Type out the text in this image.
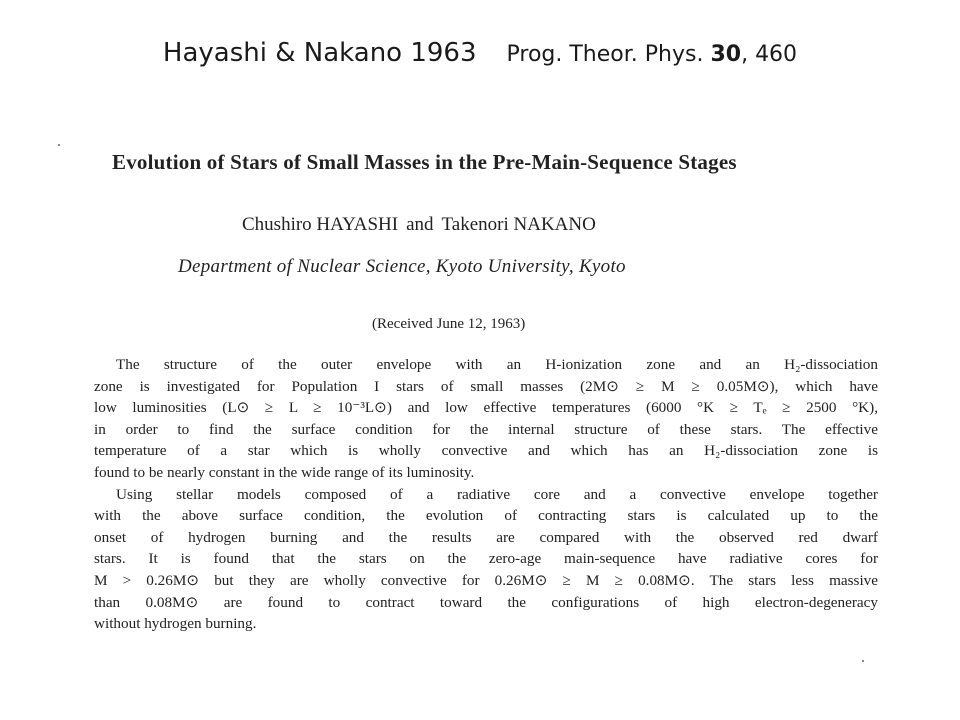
Hayashi & Nakano 1963 Prog. Theor. Phys. 30, 460
Evolution of Stars of Small Masses in the Pre-Main-Sequence Stages
Chushiro HAYASHI and Takenori NAKANO
Department of Nuclear Science, Kyoto University, Kyoto
(Received June 12, 1963)
The structure of the outer envelope with an H-ionization zone and an H₂-dissociation
zone is investigated for Population I stars of small masses (2M⊙ ≥ M ≥ 0.05M⊙), which have
low luminosities (L⊙ ≥ L ≥ 10⁻³L⊙) and low effective temperatures (6000 °K ≥ Tₑ ≥ 2500 °K),
in order to find the surface condition for the internal structure of these stars. The effective
temperature of a star which is wholly convective and which has an H₂-dissociation zone is
found to be nearly constant in the wide range of its luminosity.
Using stellar models composed of a radiative core and a convective envelope together
with the above surface condition, the evolution of contracting stars is calculated up to the
onset of hydrogen burning and the results are compared with the observed red dwarf
stars. It is found that the stars on the zero-age main-sequence have radiative cores for
M > 0.26M⊙ but they are wholly convective for 0.26M⊙ ≥ M ≥ 0.08M⊙. The stars less massive
than 0.08M⊙ are found to contract toward the configurations of high electron-degeneracy
without hydrogen burning.
